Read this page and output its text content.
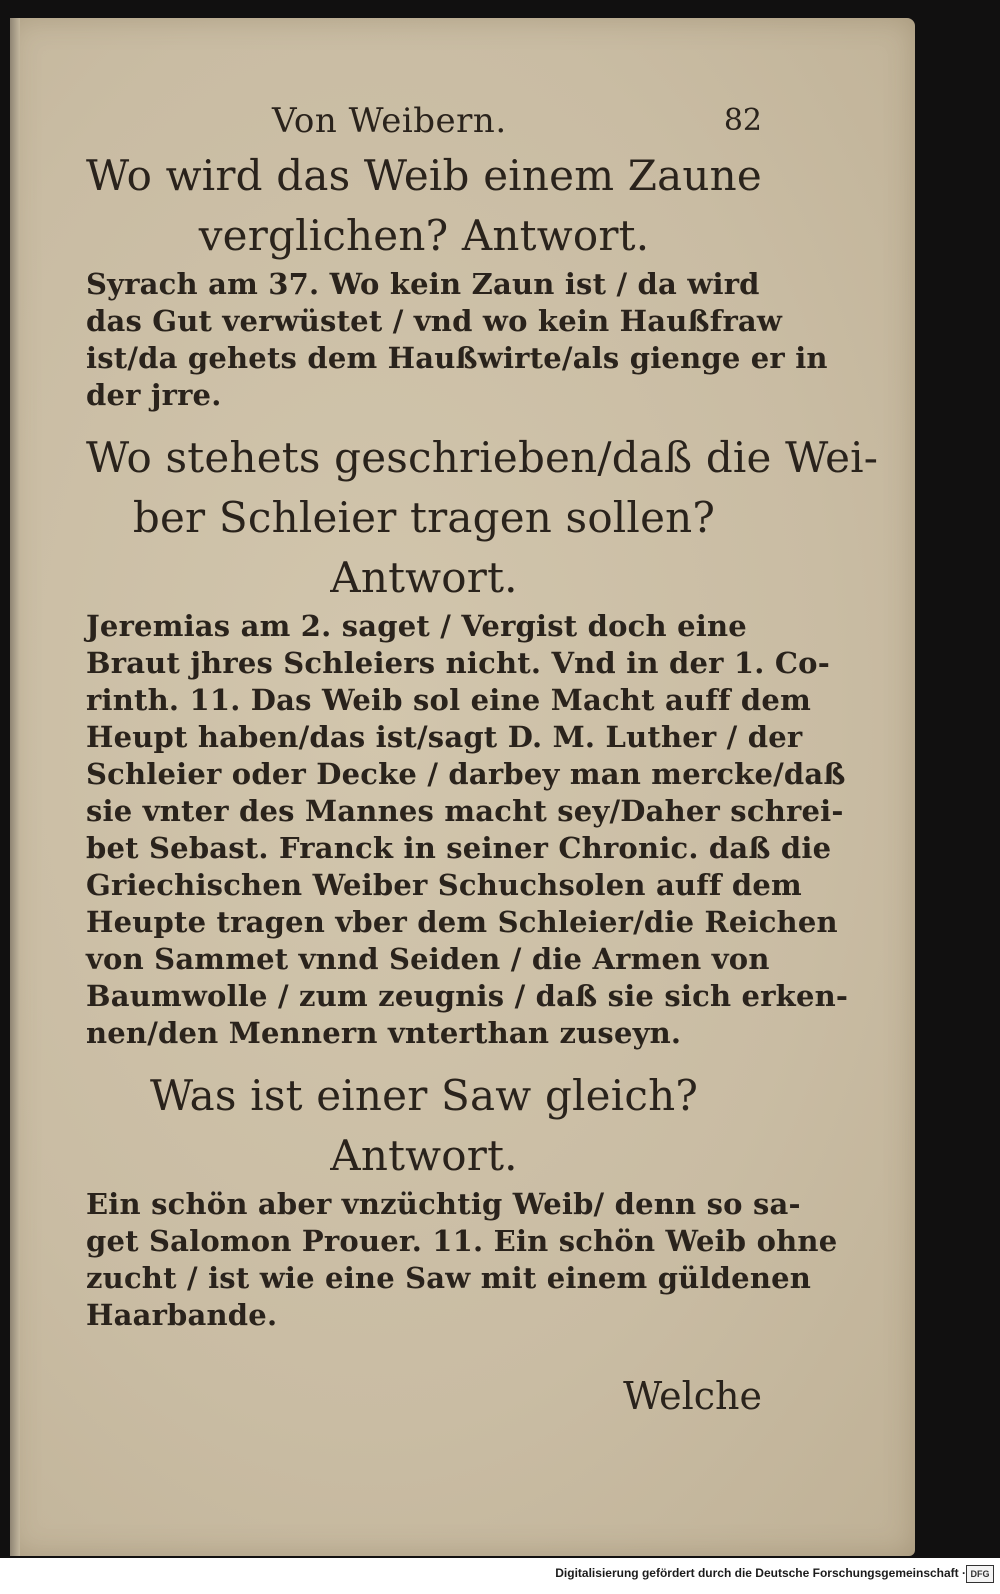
Von Weibern.	82
Wo wird das Weib einem Zaune
verglichen? Antwort.
Syrach am 37. Wo kein Zaun ist / da wird
das Gut verwüstet / vnd wo kein Haußfraw
ist/da gehets dem Haußwirte/als gienge er in
der jrre.
Wo stehets geschrieben/daß die Wei-
ber Schleier tragen sollen?
Antwort.
Jeremias am 2. saget / Vergist doch eine
Braut jhres Schleiers nicht. Vnd in der 1. Co-
rinth. 11. Das Weib sol eine Macht auff dem
Heupt haben/das ist/sagt D. M. Luther / der
Schleier oder Decke / darbey man mercke/daß
sie vnter des Mannes macht sey/Daher schrei-
bet Sebast. Franck in seiner Chronic. daß die
Griechischen Weiber Schuchsolen auff dem
Heupte tragen vber dem Schleier/die Reichen
von Sammet vnnd Seiden / die Armen von
Baumwolle / zum zeugnis / daß sie sich erken-
nen/den Mennern vnterthan zuseyn.
Was ist einer Saw gleich?
Antwort.
Ein schön aber vnzüchtig Weib/ denn so sa-
get Salomon Prouer. 11. Ein schön Weib ohne
zucht / ist wie eine Saw mit einem güldenen
Haarbande.
Welche
Digitalisierung gefördert durch die Deutsche Forschungsgemeinschaft · DFG
